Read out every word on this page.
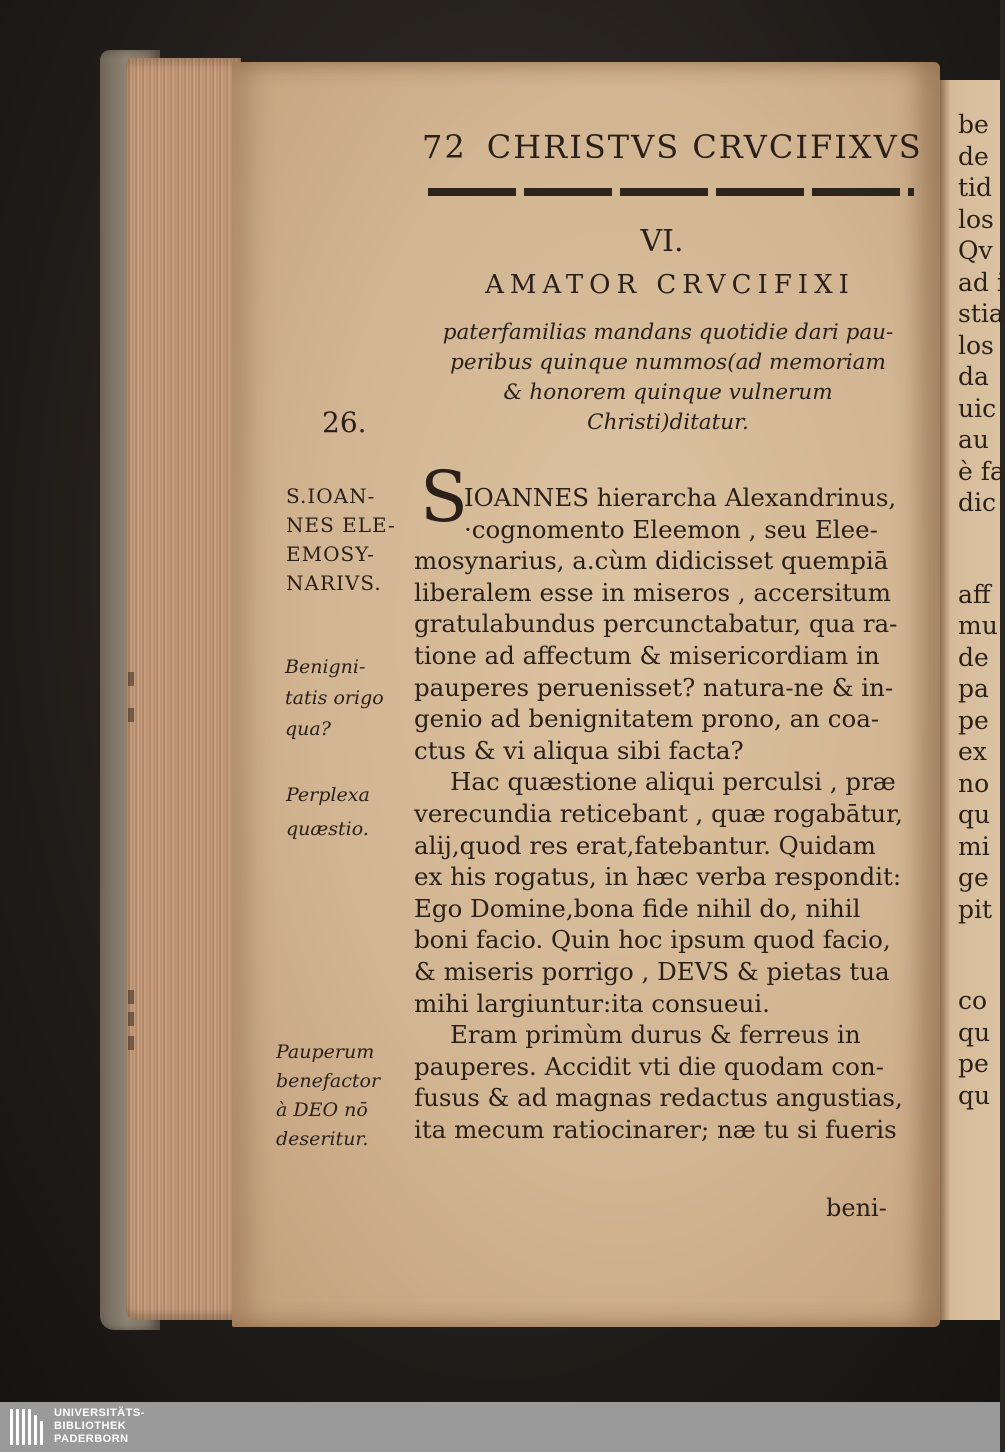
be
de
tid
los
Qv
ad i
stia
los
da
uic
au
è fa
dic
aff
mu
de
pa
pe
ex
no
qu
mi
ge
pit
co
qu
pe
qu
72 CHRISTVS CRVCIFIXVS
VI.
AMATOR CRVCIFIXI
paterfamilias mandans quotidie dari pau-
peribus quinque nummos(ad memoriam
& honorem quinque vulnerum
Christi)ditatur.
26.
S.IOAN-
NES ELE-
EMOSY-
NARIVS.
Benigni-
tatis origo
qua?
Perplexa
quæstio.
Pauperum
benefactor
à DEO nō
deseritur.
S
IOANNES hierarcha Alexandrinus,
·cognomento Eleemon , seu Elee-
mosynarius, a.cùm didicisset quempiā
liberalem esse in miseros , accersitum
gratulabundus percunctabatur, qua ra-
tione ad affectum & misericordiam in
pauperes peruenisset? natura-ne & in-
genio ad benignitatem prono, an coa-
ctus & vi aliqua sibi facta?
Hac quæstione aliqui perculsi , præ
verecundia reticebant , quæ rogabātur,
alij,quod res erat,fatebantur. Quidam
ex his rogatus, in hæc verba respondit:
Ego Domine,bona fide nihil do, nihil
boni facio. Quin hoc ipsum quod facio,
& miseris porrigo , DEVS & pietas tua
mihi largiuntur:ita consueui.
Eram primùm durus & ferreus in
pauperes. Accidit vti die quodam con-
fusus & ad magnas redactus angustias,
ita mecum ratiocinarer; næ tu si fueris
beni-
UNIVERSITÄTS-
BIBLIOTHEK
PADERBORN
